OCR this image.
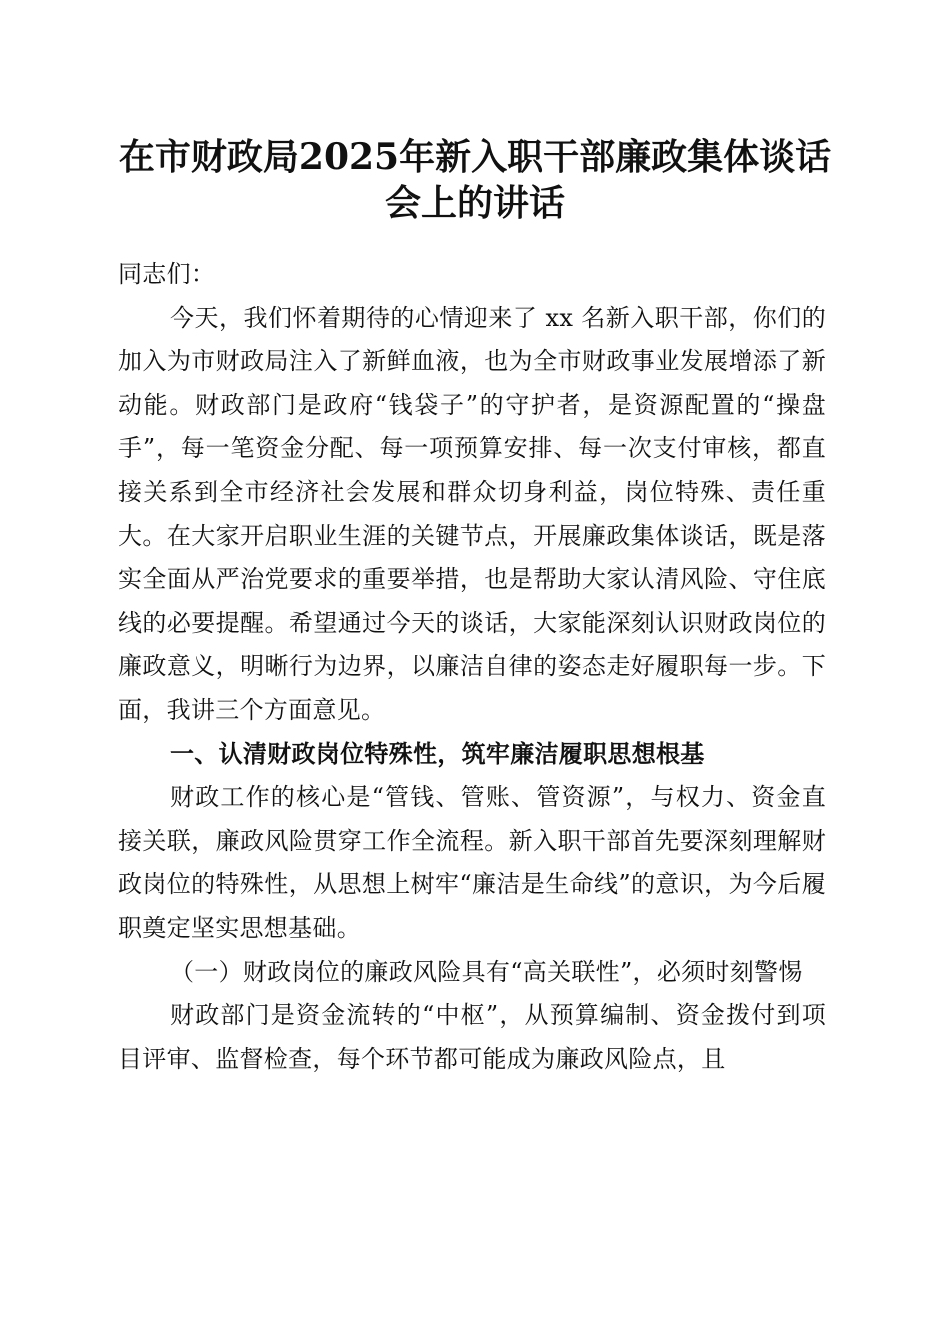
在市财政局2025年新入职干部廉政集体谈话会上的讲话

同志们：

今天，我们怀着期待的心情迎来了 xx 名新入职干部，你们的加入为市财政局注入了新鲜血液，也为全市财政事业发展增添了新动能。财政部门是政府“钱袋子”的守护者，是资源配置的“操盘手”，每一笔资金分配、每一项预算安排、每一次支付审核，都直接关系到全市经济社会发展和群众切身利益，岗位特殊、责任重大。在大家开启职业生涯的关键节点，开展廉政集体谈话，既是落实全面从严治党要求的重要举措，也是帮助大家认清风险、守住底线的必要提醒。希望通过今天的谈话，大家能深刻认识财政岗位的廉政意义，明晰行为边界，以廉洁自律的姿态走好履职每一步。下面，我讲三个方面意见。

一、认清财政岗位特殊性，筑牢廉洁履职思想根基

财政工作的核心是“管钱、管账、管资源”，与权力、资金直接关联，廉政风险贯穿工作全流程。新入职干部首先要深刻理解财政岗位的特殊性，从思想上树牢“廉洁是生命线”的意识，为今后履职奠定坚实思想基础。

（一）财政岗位的廉政风险具有“高关联性”，必须时刻警惕

财政部门是资金流转的“中枢”，从预算编制、资金拨付到项目评审、监督检查，每个环节都可能成为廉政风险点，且
